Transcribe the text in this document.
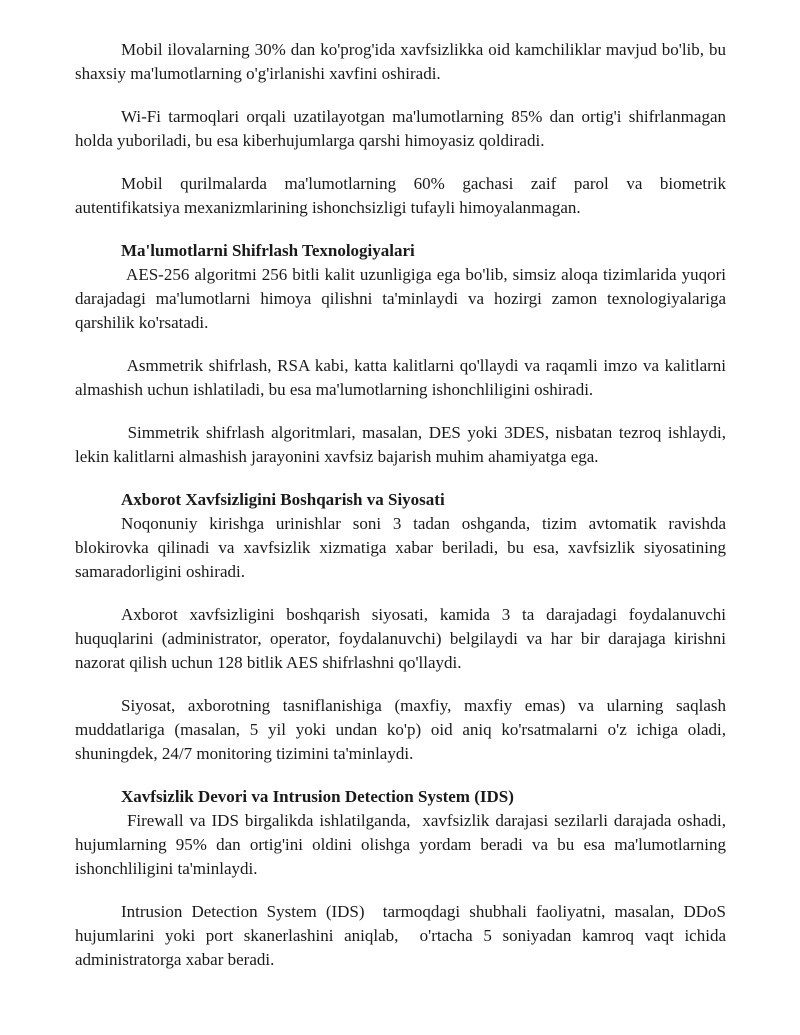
Mobil ilovalarning 30% dan ko'prog'ida xavfsizlikka oid kamchiliklar mavjud bo'lib, bu shaxsiy ma'lumotlarning o'g'irlanishi xavfini oshiradi.

Wi-Fi tarmoqlari orqali uzatilayotgan ma'lumotlarning 85% dan ortig'i shifrlanmagan holda yuboriladi, bu esa kiberhujumlarga qarshi himoyasiz qoldiradi.

Mobil qurilmalarda ma'lumotlarning 60% gachasi zaif parol va biometrik autentifikatsiya mexanizmlarining ishonchsizligi tufayli himoyalanmagan.

Ma'lumotlarni Shifrlash Texnologiyalari

AES-256 algoritmi 256 bitli kalit uzunligiga ega bo'lib, simsiz aloqa tizimlarida yuqori darajadagi ma'lumotlarni himoya qilishni ta'minlaydi va hozirgi zamon texnologiyalariga qarshilik ko'rsatadi.

Asmmetrik shifrlash, RSA kabi, katta kalitlarni qo'llaydi va raqamli imzo va kalitlarni almashish uchun ishlatiladi, bu esa ma'lumotlarning ishonchliligini oshiradi.

Simmetrik shifrlash algoritmlari, masalan, DES yoki 3DES, nisbatan tezroq ishlaydi, lekin kalitlarni almashish jarayonini xavfsiz bajarish muhim ahamiyatga ega.

Axborot Xavfsizligini Boshqarish va Siyosati

Noqonuniy kirishga urinishlar soni 3 tadan oshganda, tizim avtomatik ravishda blokirovka qilinadi va xavfsizlik xizmatiga xabar beriladi, bu esa, xavfsizlik siyosatining samaradorligini oshiradi.

Axborot xavfsizligini boshqarish siyosati, kamida 3 ta darajadagi foydalanuvchi huquqlarini (administrator, operator, foydalanuvchi) belgilaydi va har bir darajaga kirishni nazorat qilish uchun 128 bitlik AES shifrlashni qo'llaydi.

Siyosat, axborotning tasniflanishiga (maxfiy, maxfiy emas) va ularning saqlash muddatlariga (masalan, 5 yil yoki undan ko'p) oid aniq ko'rsatmalarni o'z ichiga oladi, shuningdek, 24/7 monitoring tizimini ta'minlaydi.

Xavfsizlik Devori va Intrusion Detection System (IDS)

Firewall va IDS birgalikda ishlatilganda,  xavfsizlik darajasi sezilarli darajada oshadi, hujumlarning 95% dan ortig'ini oldini olishga yordam beradi va bu esa ma'lumotlarning ishonchliligini ta'minlaydi.

Intrusion Detection System (IDS)  tarmoqdagi shubhali faoliyatni, masalan, DDoS hujumlarini yoki port skanerlashini aniqlab,  o'rtacha 5 soniyadan kamroq vaqt ichida administratorga xabar beradi.
